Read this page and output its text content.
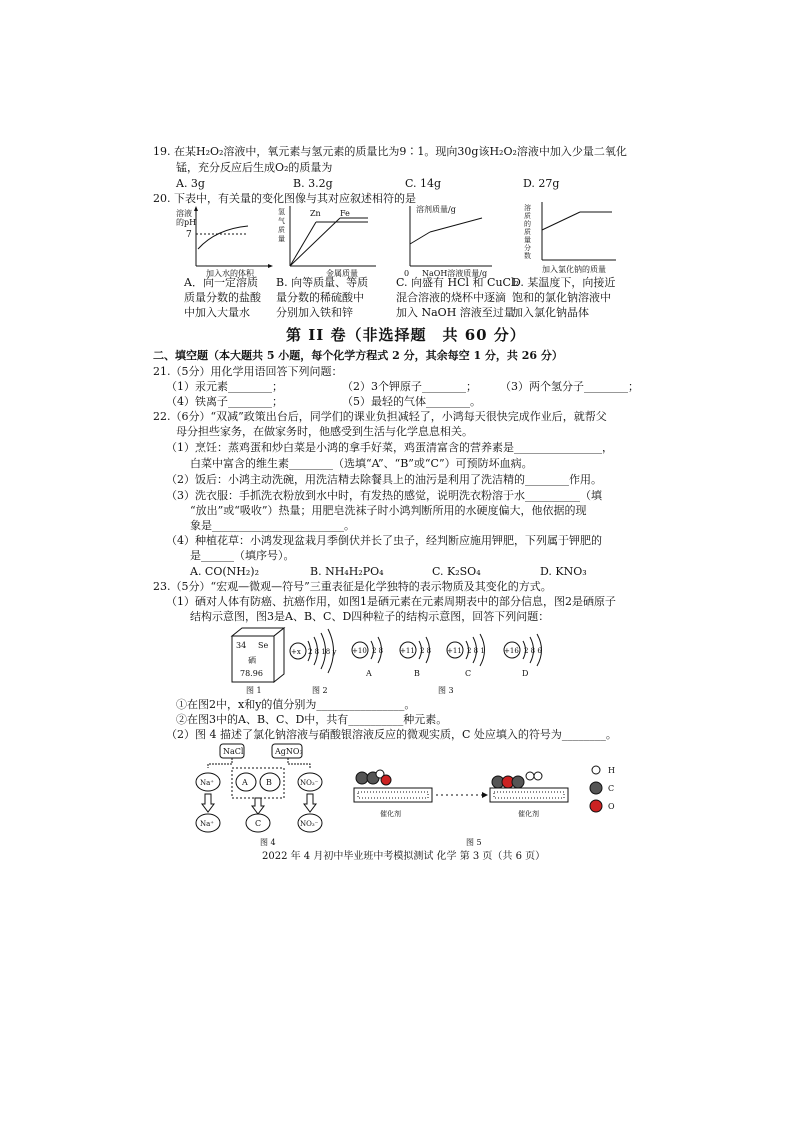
19. 在某H₂O₂溶液中，氧元素与氢元素的质量比为9∶1。现向30g该H₂O₂溶液中加入少量二氧化
锰，充分反应后生成O₂的质量为
A. 3g	B. 3.2g	C. 14g	D. 27g
20. 下表中，有关量的变化图像与其对应叙述相符的是
溶液
的pH
7
加入水的体积
氢
气
质
量
Zn Fe
金属质量
溶剂质量/g
0 NaOH溶液质量/g
溶
质
的
质
量
分
数
加入氯化钠的质量
A．向一定溶质
质量分数的盐酸
中加入大量水
B. 向等质量、等质
量分数的稀硫酸中
分别加入铁和锌
C. 向盛有 HCl 和 CuCl₂
混合溶液的烧杯中逐滴
加入 NaOH 溶液至过量
D. 某温度下，向接近
饱和的氯化钠溶液中
加入氯化钠晶体
第 II 卷（非选择题　共 60 分）
二、填空题（本大题共 5 小题，每个化学方程式 2 分，其余每空 1 分，共 26 分）
21.（5分）用化学用语回答下列问题：
（1）汞元素________；	（2）3个钾原子________； （3）两个氢分子________；
（4）铁离子________；	（5）最轻的气体________。
22.（6分）“双减”政策出台后，同学们的课业负担减轻了，小鸿每天很快完成作业后，就帮父
母分担些家务，在做家务时，他感受到生活与化学息息相关。
（1）烹饪：蒸鸡蛋和炒白菜是小鸿的拿手好菜，鸡蛋清富含的营养素是________________，
白菜中富含的维生素________（选填“A”、“B”或“C”）可预防坏血病。
（2）饭后：小鸿主动洗碗，用洗洁精去除餐具上的油污是利用了洗洁精的________作用。
（3）洗衣服：手抓洗衣粉放到水中时，有发热的感觉，说明洗衣粉溶于水__________（填
“放出”或“吸收”）热量；用肥皂洗袜子时小鸿判断所用的水硬度偏大，他依据的现
象是________________________。
（4）种植花草：小鸿发现盆栽月季倒伏并长了虫子，经判断应施用钾肥，下列属于钾肥的
是______（填序号）。
A. CO(NH₂)₂	B. NH₄H₂PO₄	C. K₂SO₄	D. KNO₃
23.（5分）“宏观—微观—符号”三重表征是化学独特的表示物质及其变化的方式。
（1）硒对人体有防癌、抗癌作用，如图1是硒元素在元素周期表中的部分信息，图2是硒原子
结构示意图，图3是A、B、C、D四种粒子的结构示意图，回答下列问题：
34 Se
硒
78.96
图 1
+x 2 8 18 y
图 2
+10 2 8
A
+11 2 8
B
+11 2 8 1
C
+16 2 8 6
D
图 3
①在图2中，x和y的值分别为________________。
②在图3中的A、B、C、D中，共有__________种元素。
（2）图 4 描述了氯化钠溶液与硝酸银溶液反应的微观实质，C 处应填入的符号为________。
NaCl	AgNO₃
Na⁺	A B	NO₃⁻
Na⁺	C	NO₃⁻
图 4
催化剂	催化剂
H
C
O
图 5
2022 年 4 月初中毕业班中考模拟测试 化学 第 3 页（共 6 页）
